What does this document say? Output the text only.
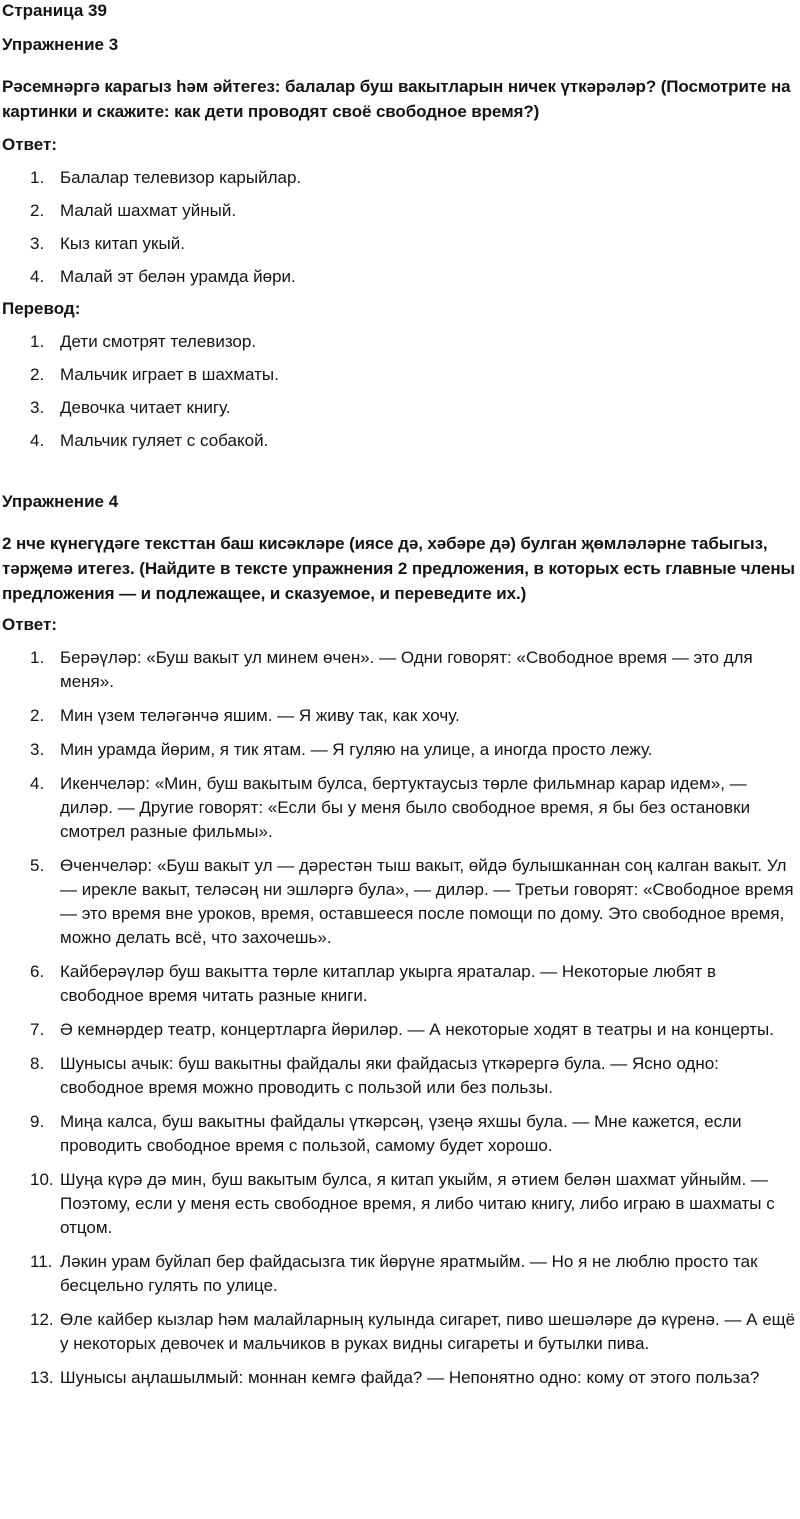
Страница 39
Упражнение 3

Рәсемнәргә карагыз һәм әйтегез: балалар буш вакытларын ничек үткәрәләр? (Посмотрите на картинки и скажите: как дети проводят своё свободное время?)

Ответ:
1. Балалар телевизор карыйлар.
2. Малай шахмат уйный.
3. Кыз китап укый.
4. Малай эт белән урамда йөри.
Перевод:
1. Дети смотрят телевизор.
2. Мальчик играет в шахматы.
3. Девочка читает книгу.
4. Мальчик гуляет с собакой.
Упражнение 4

2 нче күнегүдәге тексттан баш кисәкләре (иясе дә, хәбәре дә) булган җөмләләрне табыгыз, тәрҗемә итегез. (Найдите в тексте упражнения 2 предложения, в которых есть главные члены предложения — и подлежащее, и сказуемое, и переведите их.)

Ответ:
1. Берәүләр: «Буш вакыт ул минем өчен». — Одни говорят: «Свободное время — это для меня».
2. Мин үзем теләгәнчә яшим. — Я живу так, как хочу.
3. Мин урамда йөрим, я тик ятам. — Я гуляю на улице, а иногда просто лежу.
4. Икенчеләр: «Мин, буш вакытым булса, бертуктаусыз төрле фильмнар карар идем», — диләр. — Другие говорят: «Если бы у меня было свободное время, я бы без остановки смотрел разные фильмы».
5. Өченчеләр: «Буш вакыт ул — дәрестән тыш вакыт, өйдә булышканнан соң калган вакыт. Ул — ирекле вакыт, теләсәң ни эшләргә була», — диләр. — Третьи говорят: «Свободное время — это время вне уроков, время, оставшееся после помощи по дому. Это свободное время, можно делать всё, что захочешь».
6. Кайберәүләр буш вакытта төрле китаплар укырга яраталар. — Некоторые любят в свободное время читать разные книги.
7. Ә кемнәрдер театр, концертларга йөриләр. — А некоторые ходят в театры и на концерты.
8. Шунысы ачык: буш вакытны файдалы яки файдасыз үткәрергә була. — Ясно одно: свободное время можно проводить с пользой или без пользы.
9. Миңа калса, буш вакытны файдалы үткәрсәң, үзеңә яхшы була. — Мне кажется, если проводить свободное время с пользой, самому будет хорошо.
10. Шуңа күрә дә мин, буш вакытым булса, я китап укыйм, я әтием белән шахмат уйныйм. — Поэтому, если у меня есть свободное время, я либо читаю книгу, либо играю в шахматы с отцом.
11. Ләкин урам буйлап бер файдасызга тик йөрүне яратмыйм. — Но я не люблю просто так бесцельно гулять по улице.
12. Өле кайбер кызлар һәм малайларның кулында сигарет, пиво шешәләре дә күренә. — А ещё у некоторых девочек и мальчиков в руках видны сигареты и бутылки пива.
13. Шунысы аңлашылмый: моннан кемгә файда? — Непонятно одно: кому от этого польза?
